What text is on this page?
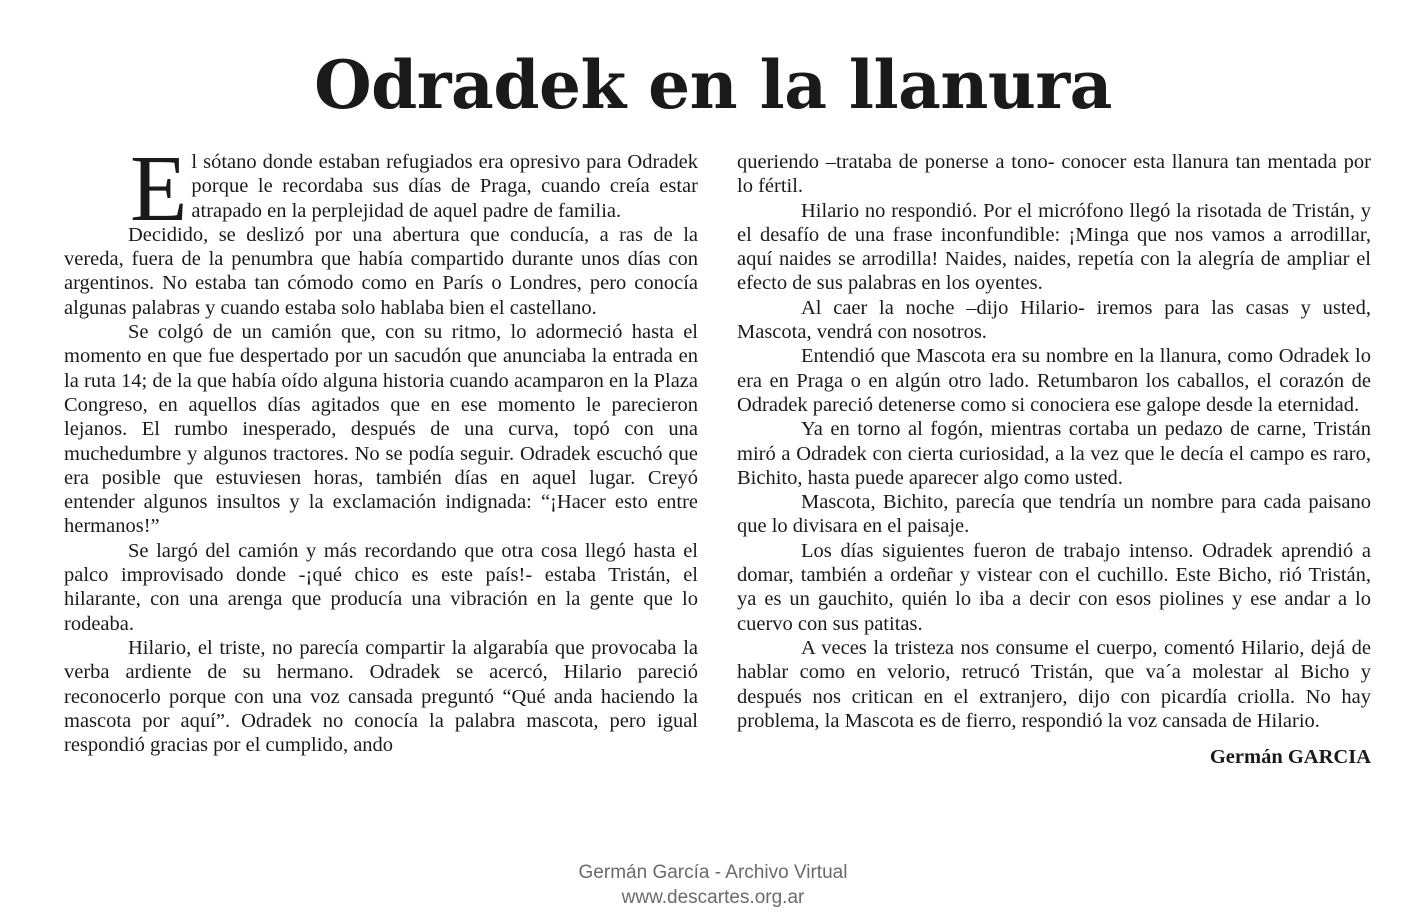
Odradek en la llanura

El sótano donde estaban refugiados era opresivo para Odradek porque le recordaba sus días de Praga, cuando creía estar atrapado en la perplejidad de aquel padre de familia.

Decidido, se deslizó por una abertura que conducía, a ras de la vereda, fuera de la penumbra que había compartido durante unos días con argentinos. No estaba tan cómodo como en París o Londres, pero conocía algunas palabras y cuando estaba solo hablaba bien el castellano.

Se colgó de un camión que, con su ritmo, lo adormeció hasta el momento en que fue despertado por un sacudón que anunciaba la entrada en la ruta 14; de la que había oído alguna historia cuando acamparon en la Plaza Congreso, en aquellos días agitados que en ese momento le parecieron lejanos. El rumbo inesperado, después de una curva, topó con una muchedumbre y algunos tractores. No se podía seguir. Odradek escuchó que era posible que estuviesen horas, también días en aquel lugar. Creyó entender algunos insultos y la exclamación indignada: “¡Hacer esto entre hermanos!”

Se largó del camión y más recordando que otra cosa llegó hasta el palco improvisado donde -¡qué chico es este país!- estaba Tristán, el hilarante, con una arenga que producía una vibración en la gente que lo rodeaba.

Hilario, el triste, no parecía compartir la algarabía que provocaba la verba ardiente de su hermano. Odradek se acercó, Hilario pareció reconocerlo porque con una voz cansada preguntó “Qué anda haciendo la mascota por aquí”. Odradek no conocía la palabra mascota, pero igual respondió gracias por el cumplido, ando

queriendo –trataba de ponerse a tono- conocer esta llanura tan mentada por lo fértil.

Hilario no respondió. Por el micrófono llegó la risotada de Tristán, y el desafío de una frase inconfundible: ¡Minga que nos vamos a arrodillar, aquí naides se arrodilla! Naides, naides, repetía con la alegría de ampliar el efecto de sus palabras en los oyentes.

Al caer la noche –dijo Hilario- iremos para las casas y usted, Mascota, vendrá con nosotros.

Entendió que Mascota era su nombre en la llanura, como Odradek lo era en Praga o en algún otro lado. Retumbaron los caballos, el corazón de Odradek pareció detenerse como si conociera ese galope desde la eternidad.

Ya en torno al fogón, mientras cortaba un pedazo de carne, Tristán miró a Odradek con cierta curiosidad, a la vez que le decía el campo es raro, Bichito, hasta puede aparecer algo como usted.

Mascota, Bichito, parecía que tendría un nombre para cada paisano que lo divisara en el paisaje.

Los días siguientes fueron de trabajo intenso. Odradek aprendió a domar, también a ordeñar y vistear con el cuchillo. Este Bicho, rió Tristán, ya es un gauchito, quién lo iba a decir con esos piolines y ese andar a lo cuervo con sus patitas.

A veces la tristeza nos consume el cuerpo, comentó Hilario, dejá de hablar como en velorio, retrucó Tristán, que va´a molestar al Bicho y después nos critican en el extranjero, dijo con picardía criolla. No hay problema, la Mascota es de fierro, respondió la voz cansada de Hilario.

Germán GARCIA
Germán García - Archivo Virtual
www.descartes.org.ar
